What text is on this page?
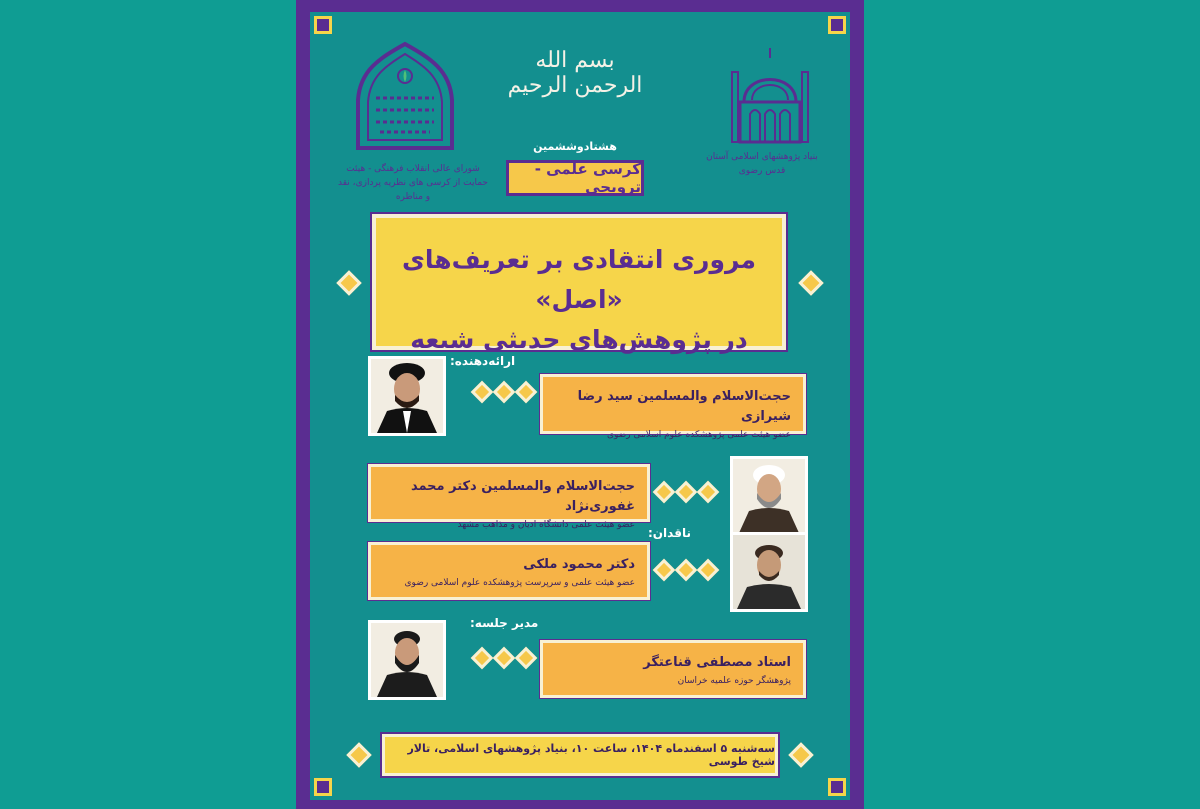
شورای عالی انقلاب فرهنگی - هیئت حمایت از کرسی های نظریه پردازی، نقد و مناظره
بسم الله الرحمن الرحیم
بنیاد پژوهشهای اسلامی آستان قدس رضوی
هشتادوششمین
کرسی علمی - ترویجی
مروری انتقادی بر تعریف‌های «اصل»
در پژوهش‌های حدیثی شیعه
ارائه‌دهنده:
حجت‌الاسلام والمسلمین سید رضا شیرازی
عضو هیئت علمی پژوهشکده علوم اسلامی رضوی
حجت‌الاسلام والمسلمین دکتر محمد غفوری‌نژاد
عضو هیئت علمی دانشگاه ادیان و مذاهب مشهد
ناقدان:
دکتر محمود ملکی
عضو هیئت علمی و سرپرست پژوهشکده علوم اسلامی رضوی
مدیر جلسه:
استاد مصطفی قناعتگر
پژوهشگر حوزه علمیه خراسان
سه‌شنبه ۵ اسفندماه ۱۴۰۴، ساعت ۱۰، بنیاد پژوهشهای اسلامی، تالار شیخ طوسی
